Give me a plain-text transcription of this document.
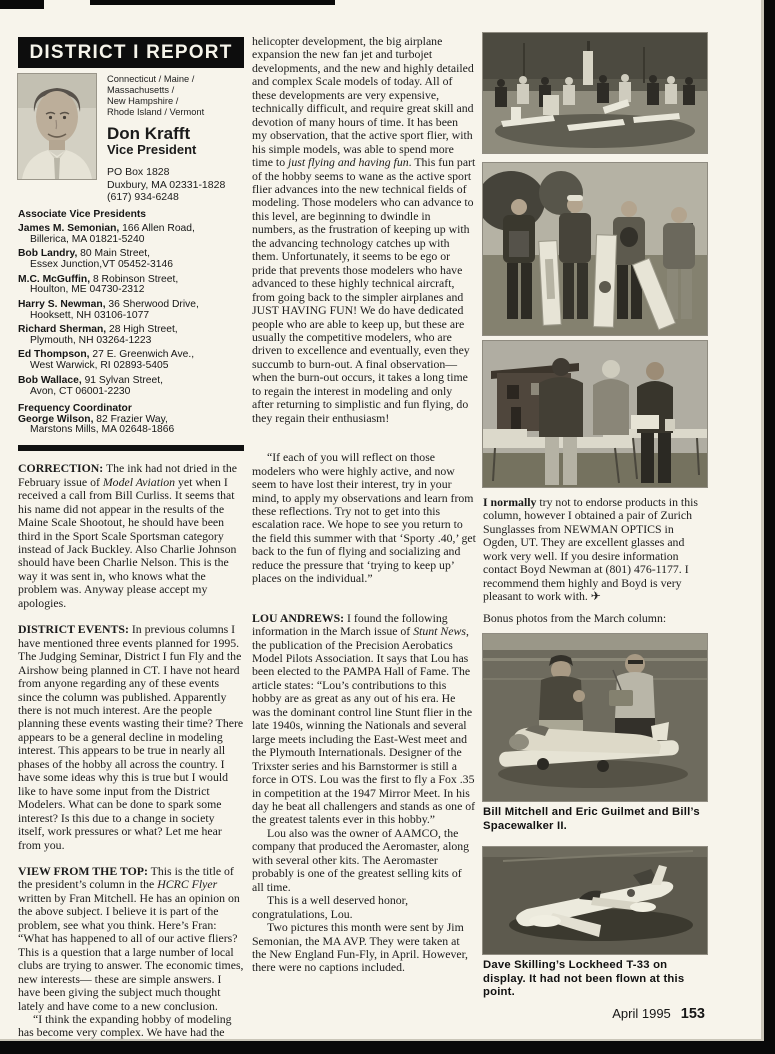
DISTRICT I REPORT
Connecticut / Maine /
Massachusetts /
New Hampshire /
Rhode Island / Vermont
Don Krafft
Vice President
PO Box 1828
Duxbury, MA 02331-1828
(617) 934-6248
Associate Vice Presidents
James M. Semonian, 166 Allen Road,
Billerica, MA 01821-5240
Bob Landry, 80 Main Street,
Essex Junction,VT 05452-3146
M.C. McGuffin, 8 Robinson Street,
Houlton, ME 04730-2312
Harry S. Newman, 36 Sherwood Drive,
Hooksett, NH 03106-1077
Richard Sherman, 28 High Street,
Plymouth, NH 03264-1223
Ed Thompson, 27 E. Greenwich Ave.,
West Warwick, RI 02893-5405
Bob Wallace, 91 Sylvan Street,
Avon, CT 06001-2230
Frequency Coordinator
George Wilson, 82 Frazier Way,
Marstons Mills, MA 02648-1866

CORRECTION: The ink had not dried in the February issue of Model Aviation yet when I received a call from Bill Curliss. It seems that his name did not appear in the results of the Maine Scale Shootout, he should have been third in the Sport Scale Sportsman category instead of Jack Buckley. Also Charlie Johnson should have been Charlie Nelson. This is the way it was sent in, who knows what the problem was. Anyway please accept my apologies.

DISTRICT EVENTS: In previous columns I have mentioned three events planned for 1995. The Judging Seminar, District I fun Fly and the Airshow being planned in CT. I have not heard from anyone regarding any of these events since the column was published. Apparently there is not much interest. Are the people planning these events wasting their time? There appears to be a general decline in modeling interest. This appears to be true in nearly all phases of the hobby all across the country. I have some ideas why this is true but I would like to have some input from the District Modelers. What can be done to spark some interest? Is this due to a change in society itself, work pressures or what? Let me hear from you.

VIEW FROM THE TOP: This is the title of the president’s column in the HCRC Flyer written by Fran Mitchell. He has an opinion on the above subject. I believe it is part of the problem, see what you think. Here’s Fran: “What has happened to all of our active fliers? This is a question that a large number of local clubs are trying to answer. The economic times, new interests— these are simple answers. I have been giving the subject much thought lately and have come to a new conclusion.

“I think the expanding hobby of modeling has become very complex. We have had the

helicopter development, the big airplane expansion the new fan jet and turbojet developments, and the new and highly detailed and complex Scale models of today. All of these developments are very expensive, technically difficult, and require great skill and devotion of many hours of time. It has been my observation, that the active sport flier, with his simple models, was able to spend more time to just flying and having fun. This fun part of the hobby seems to wane as the active sport flier advances into the new technical fields of modeling. Those modelers who can advance to this level, are beginning to dwindle in numbers, as the frustration of keeping up with the advancing technology catches up with them. Unfortunately, it seems to be ego or pride that prevents those modelers who have advanced to these highly technical aircraft, from going back to the simpler airplanes and JUST HAVING FUN! We do have dedicated people who are able to keep up, but these are usually the competitive modelers, who are driven to excellence and eventually, even they succumb to burn-out. A final observation— when the burn-out occurs, it takes a long time to regain the interest in modeling and only after returning to simplistic and fun flying, do they regain their enthusiasm!

“If each of you will reflect on those modelers who were highly active, and now seem to have lost their interest, try in your mind, to apply my observations and learn from these reflections. Try not to get into this escalation race. We hope to see you return to the field this summer with that ‘Sporty .40,’ get back to the fun of flying and socializing and reduce the pressure that ‘trying to keep up’ places on the individual.”

LOU ANDREWS: I found the following information in the March issue of Stunt News, the publication of the Precision Aerobatics Model Pilots Association. It says that Lou has been elected to the PAMPA Hall of Fame. The article states: “Lou’s contributions to this hobby are as great as any out of his era. He was the dominant control line Stunt flier in the late 1940s, winning the Nationals and several large meets including the East-West meet and the Plymouth Internationals. Designer of the Trixster series and his Barnstormer is still a force in OTS. Lou was the first to fly a Fox .35 in competition at the 1947 Mirror Meet. In his day he beat all challengers and stands as one of the greatest talents ever in this hobby.”

Lou also was the owner of AAMCO, the company that produced the Aeromaster, along with several other kits. The Aeromaster probably is one of the greatest selling kits of all time.

This is a well deserved honor, congratulations, Lou.

Two pictures this month were sent by Jim Semonian, the MA AVP. They were taken at the New England Fun-Fly, in April. However, there were no captions included.

I normally try not to endorse products in this column, however I obtained a pair of Zurich Sunglasses from NEWMAN OPTICS in Ogden, UT. They are excellent glasses and work very well. If you desire information contact Boyd Newman at (801) 476-1177. I recommend them highly and Boyd is very pleasant to work with. ✈

Bonus photos from the March column:
Bill Mitchell and Eric Guilmet and Bill’s Spacewalker II.
Dave Skilling’s Lockheed T-33 on display. It had not been flown at this point.
April 1995 153
